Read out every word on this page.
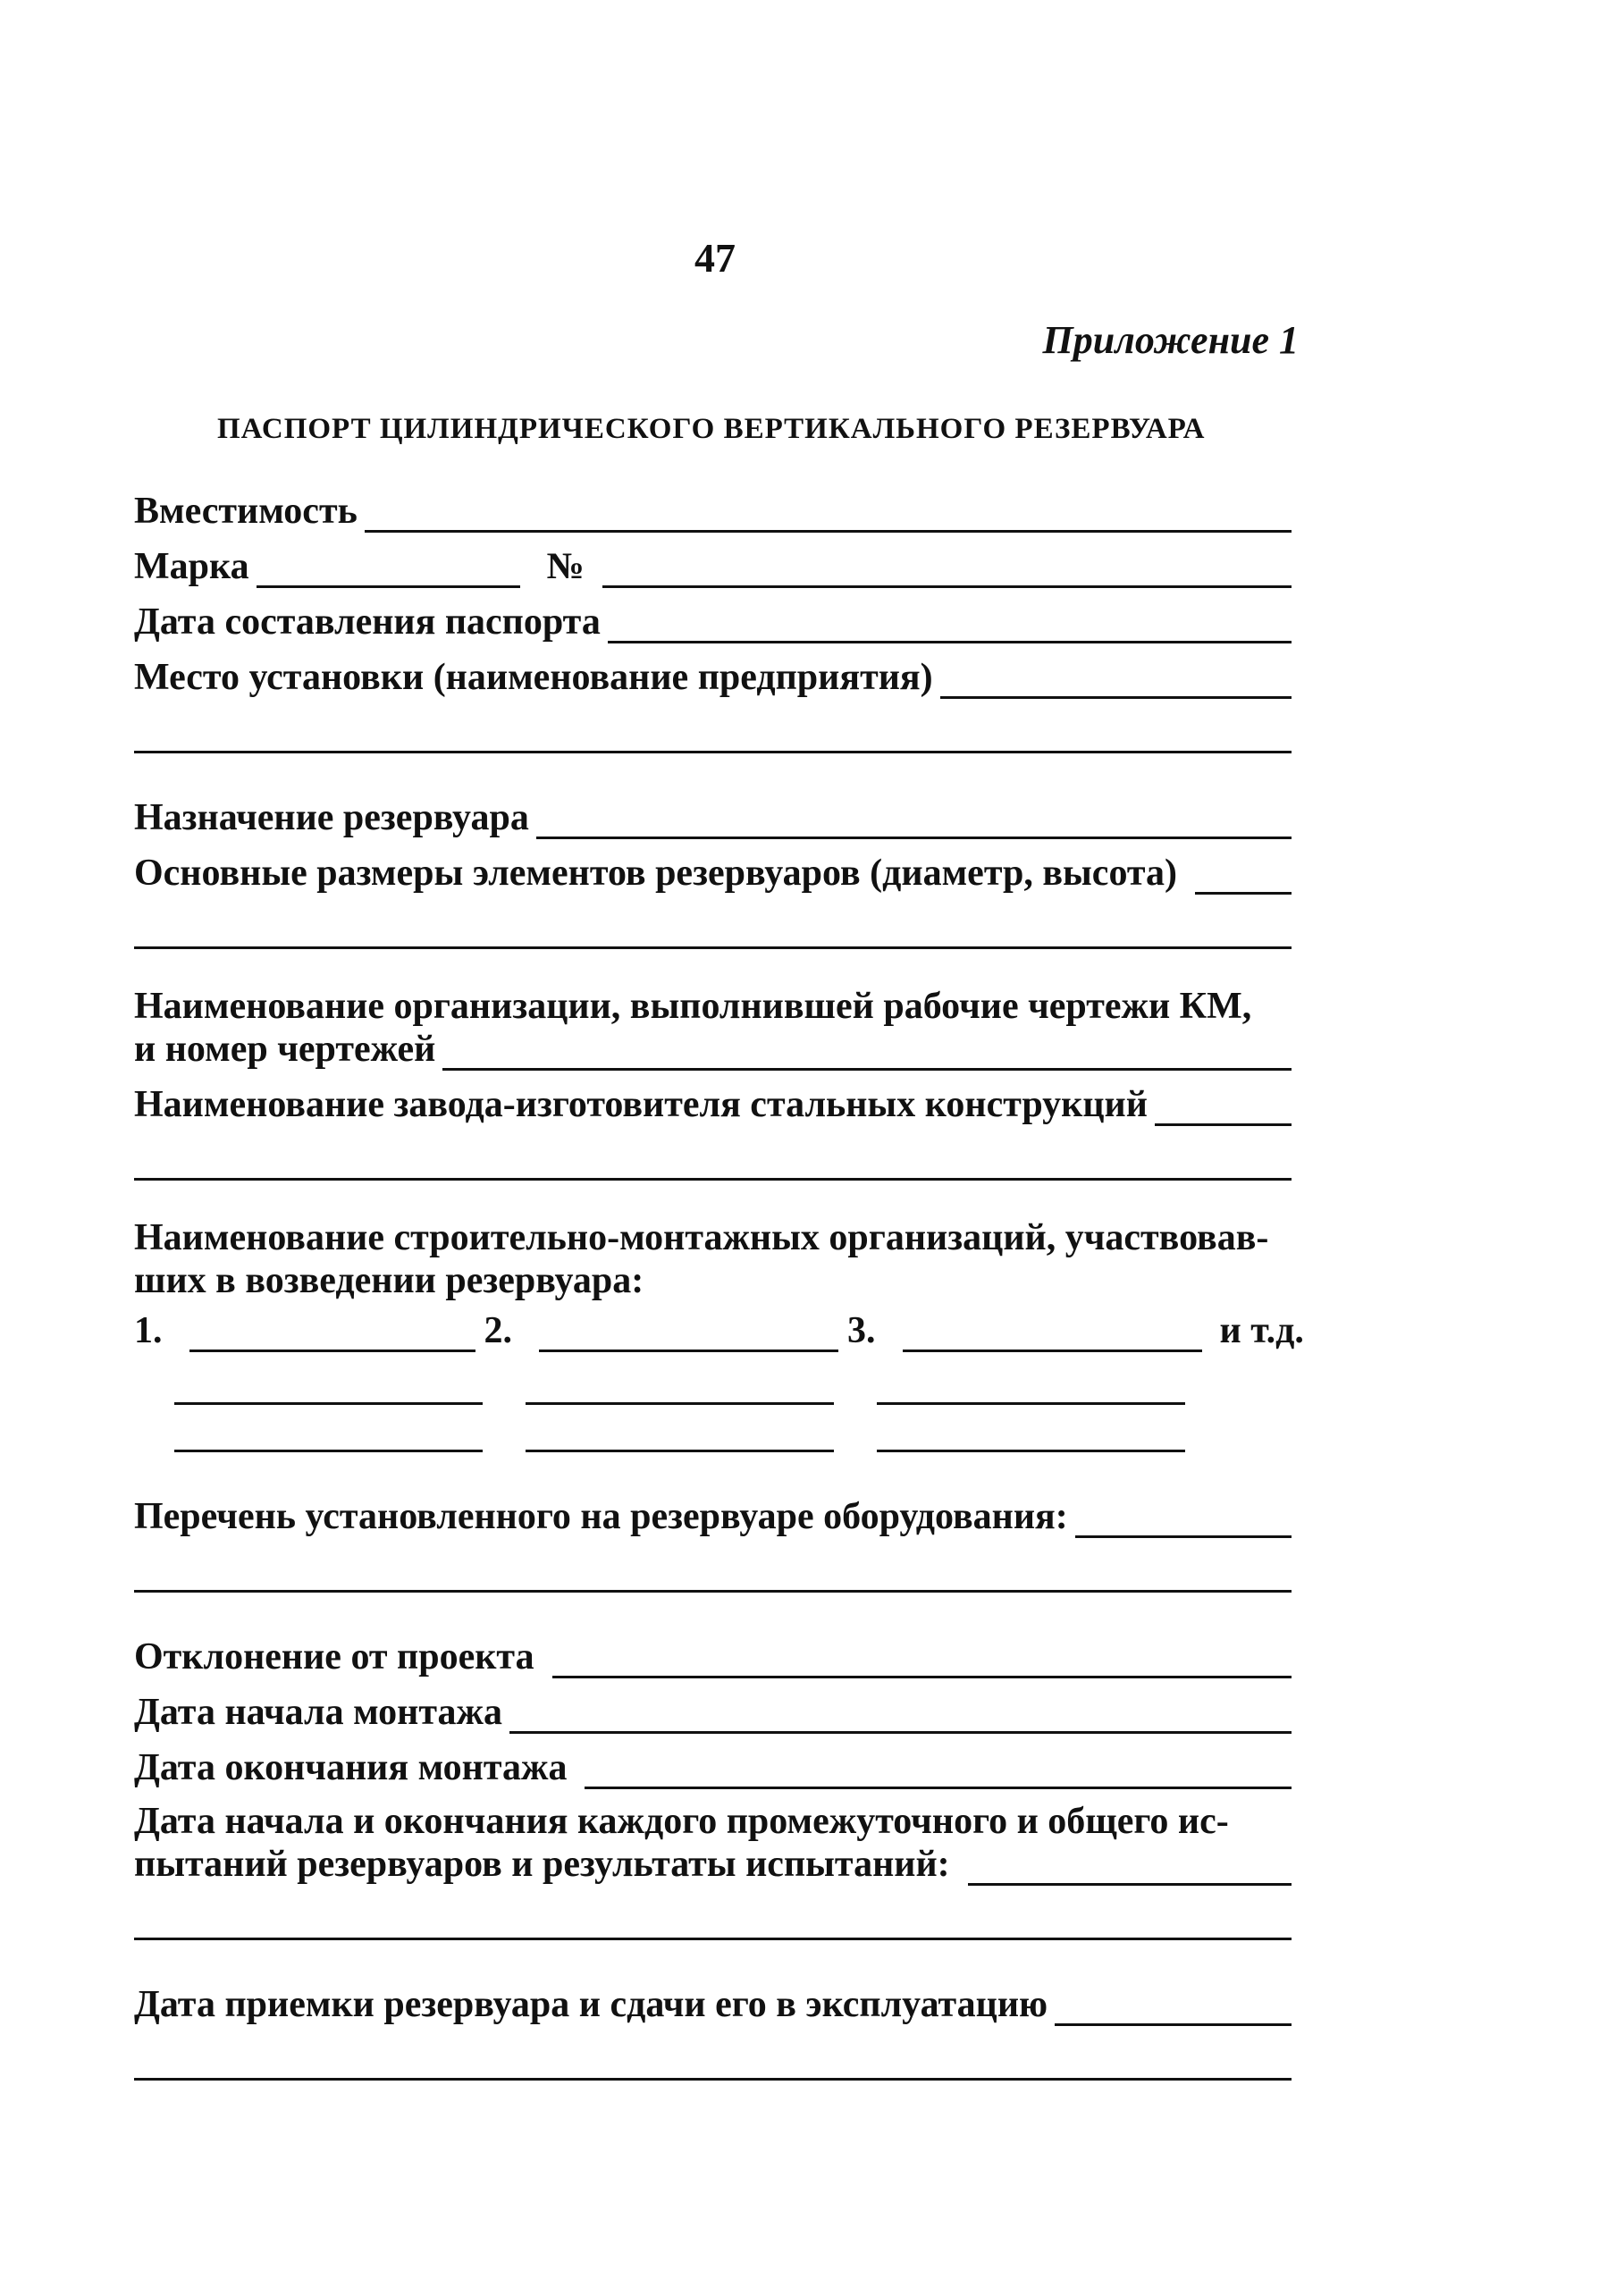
47
Приложение 1
ПАСПОРТ ЦИЛИНДРИЧЕСКОГО ВЕРТИКАЛЬНОГО РЕЗЕРВУАРА
Вместимость
Марка	№
Дата составления паспорта
Место установки (наименование предприятия)
Назначение резервуара
Основные размеры элементов резервуаров (диаметр, высота)
Наименование организации, выполнившей рабочие чертежи КМ,
и номер чертежей
Наименование завода-изготовителя стальных конструкций
Наименование строительно-монтажных организаций, участвовав-
ших в возведении резервуара:
1.	2.	3.	и т.д.
Перечень установленного на резервуаре оборудования:
Отклонение от проекта
Дата начала монтажа
Дата окончания монтажа
Дата начала и окончания каждого промежуточного и общего ис-
пытаний резервуаров и результаты испытаний:
Дата приемки резервуара и сдачи его в эксплуатацию
